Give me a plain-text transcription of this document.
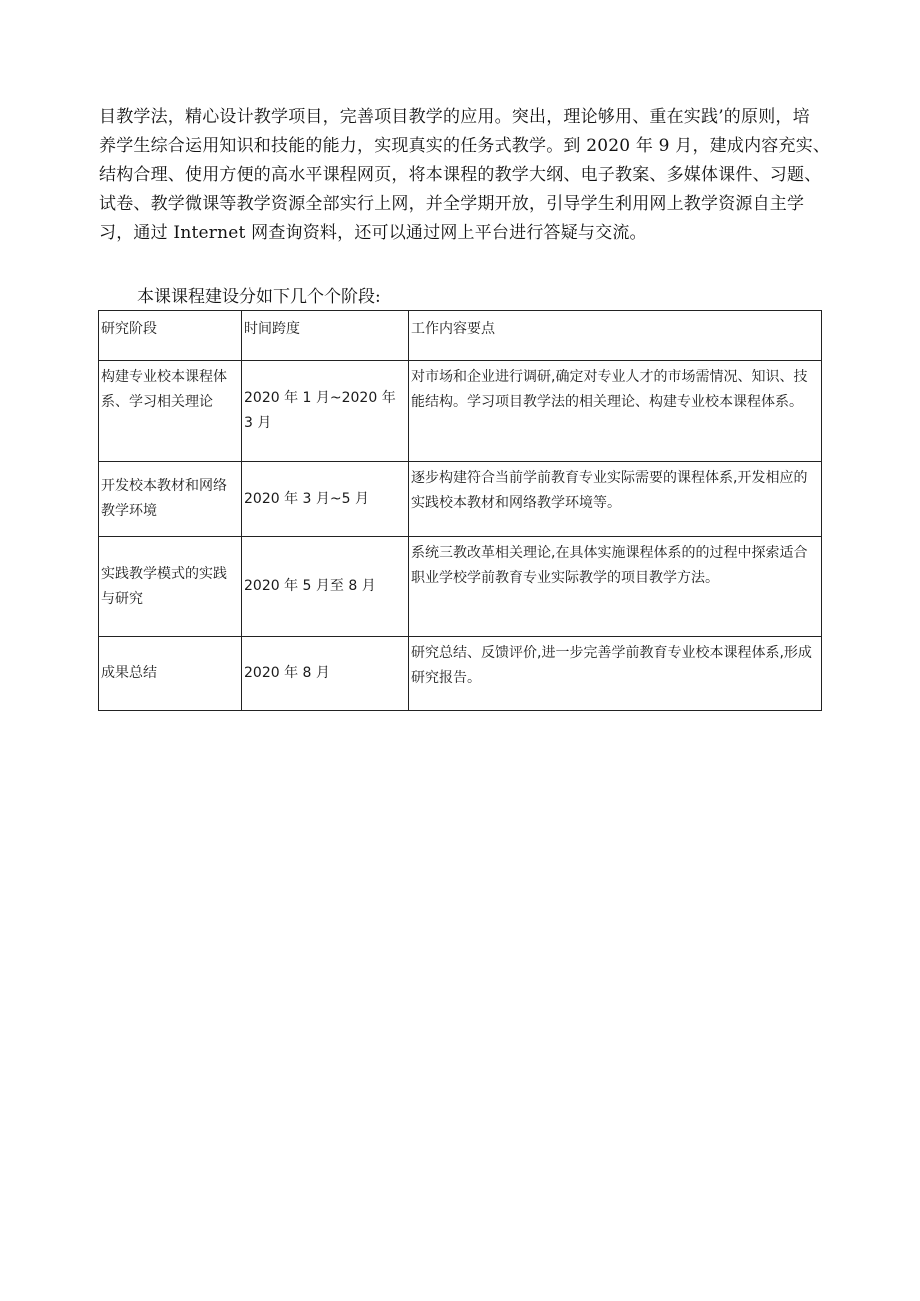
目教学法，精心设计教学项目，完善项目教学的应用。突出，理论够用、重在实践’的原则，培
养学生综合运用知识和技能的能力，实现真实的任务式教学。到 2020 年 9 月，建成内容充实、
结构合理、使用方便的高水平课程网页，将本课程的教学大纲、电子教案、多媒体课件、习题、
试卷、教学微课等教学资源全部实行上网，并全学期开放，引导学生利用网上教学资源自主学
习，通过 Internet 网查询资料，还可以通过网上平台进行答疑与交流。
本课课程建设分如下几个个阶段:
研究阶段	时间跨度	工作内容要点
构建专业校本课程体系、学习相关理论	2020 年 1 月~2020 年 3 月	对市场和企业进行调研,确定对专业人才的市场需情况、知识、技能结构。学习项目教学法的相关理论、构建专业校本课程体系。
开发校本教材和网络教学环境	2020 年 3 月~5 月	逐步构建符合当前学前教育专业实际需要的课程体系,开发相应的实践校本教材和网络教学环境等。
实践教学模式的实践与研究	2020 年 5 月至 8 月	系统三教改革相关理论,在具体实施课程体系的的过程中探索适合职业学校学前教育专业实际教学的项目教学方法。
成果总结	2020 年 8 月	研究总结、反馈评价,进一步完善学前教育专业校本课程体系,形成研究报告。
